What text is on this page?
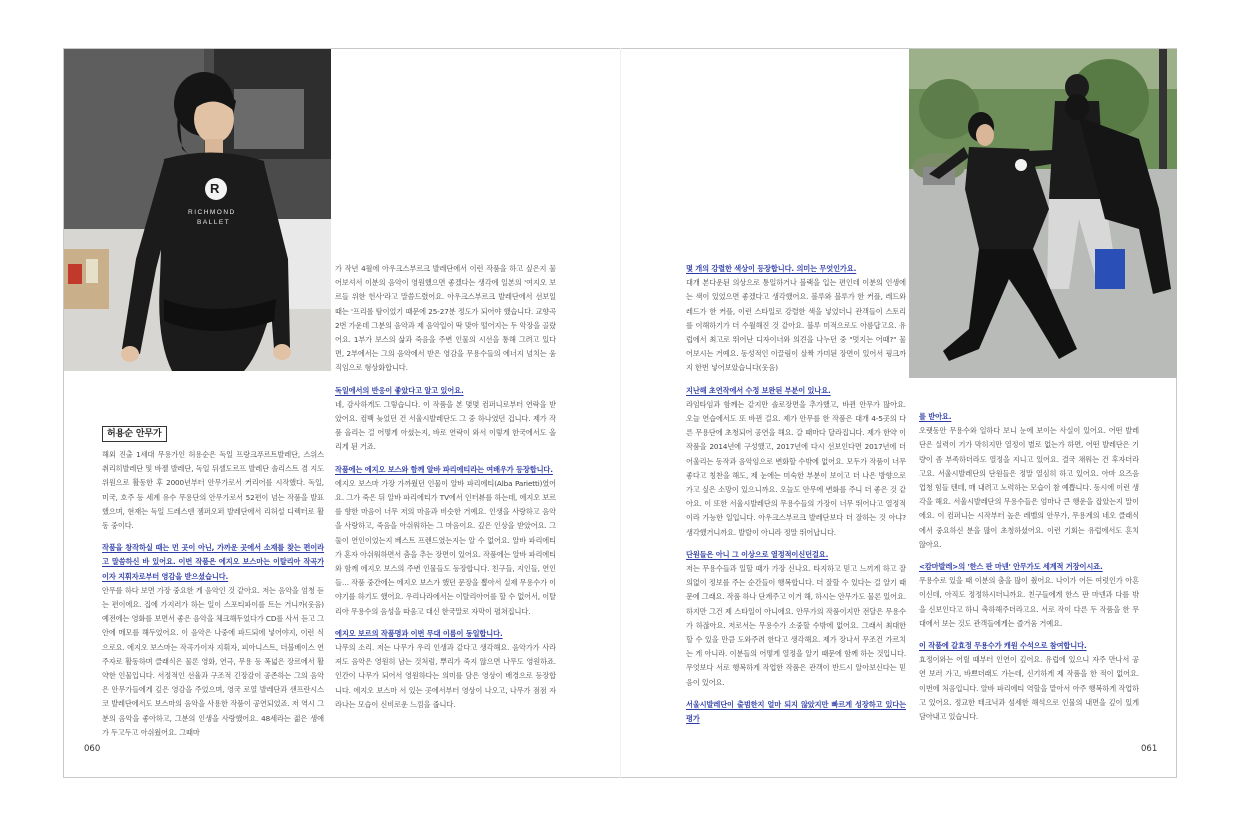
R
RICHMOND
BALLET
허용순 안무가

해외 진출 1세대 무용가인 허용순은 독일 프랑크푸르트발레단, 스위스 취리히발레단 및 바젤 발레단, 독일 뒤셀도르프 발레단 솔리스트 겸 지도위원으로 활동한 후 2000년부터 안무가로서 커리어를 시작했다. 독일, 미국, 호주 등 세계 유수 무용단의 안무가로서 52편이 넘는 작품을 발표했으며, 현재는 독일 드레스덴 젬퍼오퍼 발레단에서 리허설 디렉터로 활동 중이다.

작품을 창작하실 때는 먼 곳이 아닌, 가까운 곳에서 소재를 찾는 편이라고 말씀하신 바 있어요. 이번 작품은 에지오 보스마는 이탈리아 작곡가이자 지휘자로부터 영감을 받으셨습니다.

안무를 하다 보면 가장 중요한 게 음악인 것 같아요. 저는 음악을 엄청 듣는 편이에요. 집에 가지러가 하는 일이 스포티파이를 트는 거니까(웃음) 예전에는 영화를 보면서 좋은 음악을 체크해두었다가 CD를 사서 듣고 그 안에 메모를 해두었어요. 이 음악은 나중에 파드되에 넣어야지, 이런 식으로요. 에지오 보스마는 작곡가이자 지휘자, 피아니스트, 더블베이스 연주자로 활동하며 클래식은 물론 영화, 연극, 무용 등 폭넓은 장르에서 활약한 인물입니다. 서정적인 선율과 구조적 긴장감이 공존하는 그의 음악은 안무가들에게 깊은 영감을 주었으며, 영국 로열 발레단과 샌프란시스코 발레단에서도 보스마의 음악을 사용한 작품이 공연되었죠. 저 역시 그분의 음악을 좋아하고, 그분의 인생을 사랑했어요. 48세라는 젊은 생애가 두고두고 아쉬웠어요. 그때마

가 작년 4월에 아우크스부르크 발레단에서 이런 작품을 하고 싶은지 물어보셔서 이분의 음악이 영원했으면 좋겠다는 생각에 일본의 '여지오 보르들 위한 헌사'라고 말씀드렸어요. 아우크스부르크 발레단에서 선보일 때는 '프리롤 탐이었기 때문에 25-27분 정도가 되어야 했습니다. 교향곡 2번 가운데 그분의 음악과 제 음악일이 딱 맞아 떨어지는 두 악장을 골랐어요. 1부가 보스의 삶과 죽음을 주변 인물의 시선을 통해 그려고 있다면, 2부에서는 그의 음악에서 받은 영감을 무용수들의 에너지 넘치는 움직임으로 형상화합니다.

독일에서의 반응이 좋았다고 알고 있어요.

네, 감사하게도 그렇습니다. 이 작품을 본 몇몇 컴퍼니로부터 연락을 받았어요. 컴백 늦었던 건 서울시발레단도 그 중 하나였던 겁니다. 제가 작품 올리는 걸 어떻게 아셨는지, 바로 연락이 와서 이렇게 한국에서도 올리게 된 거죠.

작품에는 에지오 보스와 함께 알바 파리에티라는 여배우가 등장합니다.

에지오 보스마 가장 가까웠던 인물이 알바 파리에티(Alba Parietti)였어요. 그가 죽은 뒤 알바 파리에티가 TV에서 인터뷰를 하는데, 에지오 보르를 향한 마음이 너무 저의 마음과 비슷한 거예요. 인생을 사랑하고 음악을 사랑하고, 죽음을 아쉬워하는 그 마음이요. 깊은 인상을 받았어요. 그 둘이 연인이었는지 베스트 프렌드였는지는 알 수 없어요. 알바 파리에티가 혼자 아쉬워하면서 춤을 추는 장면이 있어요. 작품에는 알바 파리에티와 함께 에지오 보스의 주변 인물들도 등장합니다. 친구들, 지인들, 연인들… 작품 중간에는 에지오 보스가 했던 문장을 뽑아서 실제 무용수가 이야기를 하기도 했어요. 우리나라에서는 이탈리아어를 할 수 없어서, 이탈리아 무용수의 음성을 따옴고 대신 한국말로 자막이 펼쳐집니다.

에지오 보르의 작품명과 이번 무대 이름이 동일합니다.

나무의 소리. 저는 나무가 우리 인생과 같다고 생각해요. 음악가가 사라져도 음악은 영원히 남는 것처럼, 뿌리가 죽지 않으면 나무도 영원하죠. 인간이 나무가 되어서 영원하다는 의미를 담은 영상이 배경으로 등장합니다. 에지오 보스마 서 있는 곳에서부터 영상이 나오고, 나무가 점점 자라나는 모습이 신비로운 느낌을 줍니다.

몇 개의 강렬한 색상이 등장합니다. 의미는 무엇인가요.

대개 본다운된 의상으로 통일하거나 블랙을 입는 편인데 이분의 인생에는 색이 있었으면 좋겠다고 생각했어요. 블루와 블루가 한 커플, 레드와 레드가 한 커플, 이런 스타일로 강렬한 색을 넣었더니 관객들이 스토리를 이해하기가 더 수월해진 것 같아요. 블루 미적으로도 아름답고요. 유럽에서 최고로 뛰어난 디자이너와 의견을 나누던 중 "멋지는 어때?" 물어보시는 거예요. 동성적인 이끌림이 살짝 가미된 장면이 있어서 핑크까지 한번 넣어보았습니다(웃음)

지난해 초연작에서 수정 보완된 부분이 있나요.

라임타임과 함께는 같지만 솔로장면을 추가했고, 바뀐 안무가 많아요. 오늘 연습에서도 또 바뀐 걸요. 제가 안무를 한 작품은 대개 4-5곳의 다른 무용단에 초청되어 공연을 해요. 갈 때마다 달라집니다. 제가 한약 이 작품을 2014년에 구성했고, 2017년에 다시 선보인다면 2017년에 더 어울리는 동작과 음악임으로 변화할 수밖에 없어요. 모두가 작품이 너무 좋다고 칭찬을 해도, 제 눈에는 미숙한 부분이 보이고 더 나은 방향으로 가고 싶은 소망이 있으니까요. 오늘도 안무에 변화를 주니 더 좋은 것 같아요. 이 또한 서울시발레단의 무용수들의 가장이 너무 뛰어나고 열정적이라 가능한 일입니다. 아우크스부르크 발레단보다 더 잘하는 것 아냐? 생각했거니까요. 발랄이 아니라 정말 뛰어납니다.

단원들은 아니 그 이상으로 열정적이신던걸요.

저는 무용수들과 일할 때가 가장 신나요. 타지하고 믿고 느끼게 하고 잘의없이 정보를 주는 순간들이 행복합니다. 더 잘할 수 있다는 걸 알기 때문에 그래요. 작품 하나 단계주고 이거 해, 하시는 안무가도 물론 있어요. 하지만 그건 제 스타일이 아니에요. 안무가의 작품이지만 전달은 무용수가 하잖아요. 저로서는 무용수가 소중할 수밖에 없어요. 그래서 최대한 할 수 있을 만큼 도와주려 한다고 생각해요. 제가 장나서 무조건 가르치는 게 아니라. 이분들의 어떻게 열정을 알기 때문에 함께 하는 것입니다. 무엇보다 서로 행복하게 작업한 작품은 관객이 반드시 알아보신다는 믿음이 있어요.

서울시발레단이 출범한지 얼마 되지 않았지만 빠르게 성장하고 있다는 평가
를 받아요.

오랫동안 무용수와 일하다 보니 눈에 보이는 사실이 있어요. 어떤 발레단은 실력이 기가 막히지만 열정이 별로 없는가 하면, 어떤 발레단은 기량이 좀 부족하더라도 열정을 지니고 있어요. 결국 채워는 건 후자더라고요. 서울시발레단의 단원들은 정말 열심히 하고 있어요. 아마 요즈음 업청 힘들 텐데, 매 내려고 노력하는 모습이 참 예쁩니다. 동시에 이런 생각을 해요. 서울시발레단의 무용수들은 엄마나 큰 행운을 잡았는지 말이에요. 이 컴퍼니는 시작부터 높은 레벨의 안무가, 무용계의 네오 클래식에서 중요하신 분을 많이 초청하셨어요. 이런 기회는 유럽에서도 흔치 않아요.

<캄마발레>의 '한스 판 마넨' 안무가도 세계적 거장이시죠.

무용수로 있을 때 이분의 춤을 많이 췄어요. 나이가 어든 여럿인가 아흔이신데, 아직도 정정하시더니까요. 친구들에게 한스 판 마넨과 다를 밖을 신보인다고 하니 축하해주더라고요. 서로 작이 다른 두 작품을 한 무대에서 보는 것도 관객들에게는 즐거움 거예요.

이 작품에 갈효정 무용수가 캐원 수석으로 참여합니다.

효정이와는 어릴 때부터 인연이 깊어요. 유럽에 있으니 자주 만나서 공연 보러 가고, 바쁘더래도 가는데, 신기하게 제 작품을 한 적이 없어요. 이번에 처음입니다. 알바 파리에티 역할을 맡아서 아주 행복하게 작업하고 있어요. 정교한 테크닉과 섬세한 해석으로 인물의 내면을 깊이 있게 담아내고 있습니다.

060	061
